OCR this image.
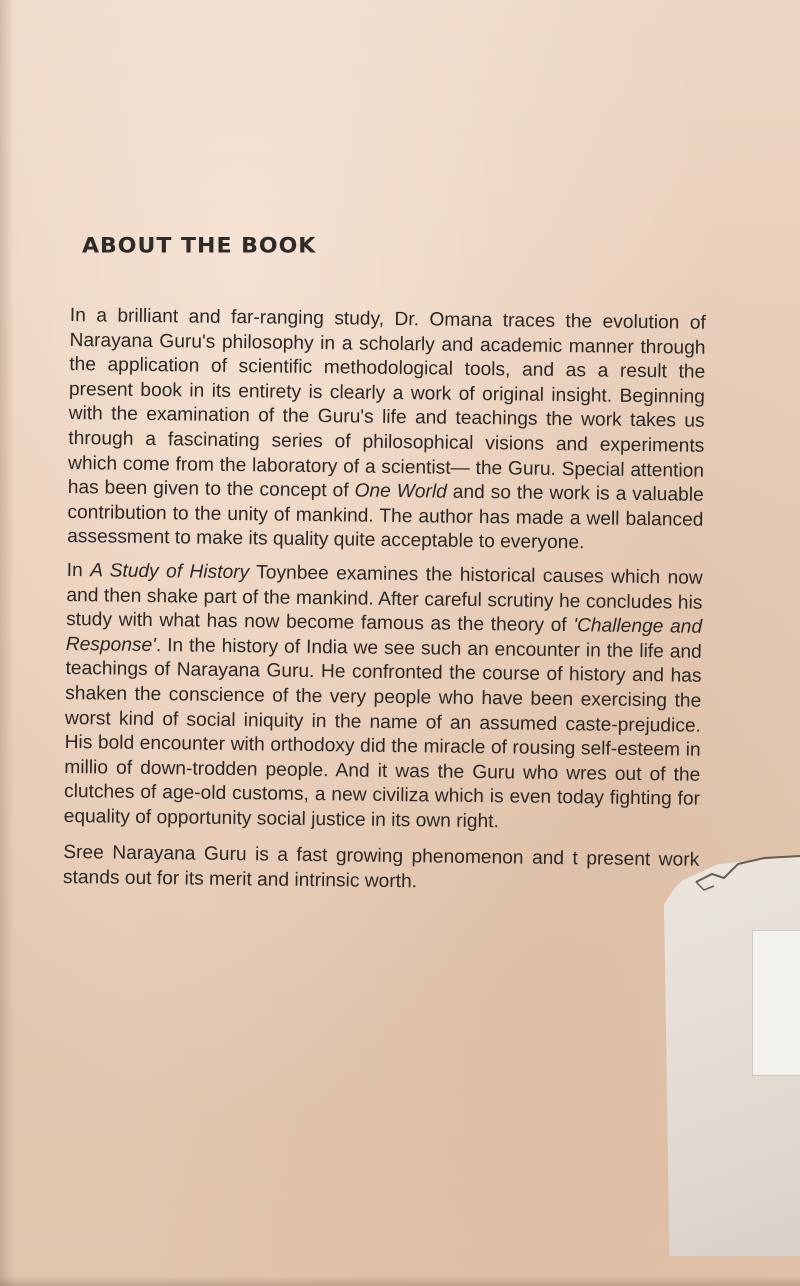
ABOUT THE BOOK

In a brilliant and far-ranging study, Dr. Omana traces the evolution of Narayana Guru's philosophy in a scholarly and academic manner through the application of scientific methodological tools, and as a result the present book in its entirety is clearly a work of original insight. Beginning with the examination of the Guru's life and teachings the work takes us through a fascinating series of philosophical visions and experiments which come from the laboratory of a scientist— the Guru. Special attention has been given to the concept of One World and so the work is a valuable contribution to the unity of mankind. The author has made a well balanced assessment to make its quality quite acceptable to everyone.

In A Study of History Toynbee examines the historical causes which now and then shake part of the mankind. After careful scrutiny he concludes his study with what has now become famous as the theory of 'Challenge and Response'. In the history of India we see such an encounter in the life and teachings of Narayana Guru. He confronted the course of history and has shaken the conscience of the very people who have been exercising the worst kind of social iniquity in the name of an assumed caste-prejudice. His bold encounter with orthodoxy did the miracle of rousing self-esteem in millio of down-trodden people. And it was the Guru who wres out of the clutches of age-old customs, a new civiliza which is even today fighting for equality of opportunity social justice in its own right.

Sree Narayana Guru is a fast growing phenomenon and t present work stands out for its merit and intrinsic worth.
